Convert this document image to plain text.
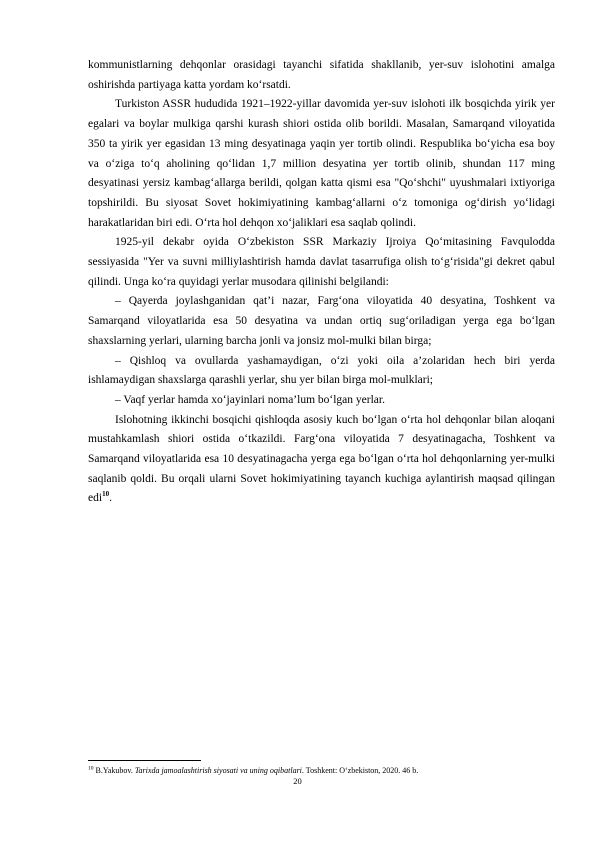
kommunistlarning dehqonlar orasidagi tayanchi sifatida shakllanib, yer-suv islohotini amalga oshirishda partiyaga katta yordam ko‘rsatdi.

Turkiston ASSR hududida 1921–1922-yillar davomida yer-suv islohoti ilk bosqichda yirik yer egalari va boylar mulkiga qarshi kurash shiori ostida olib borildi. Masalan, Samarqand viloyatida 350 ta yirik yer egasidan 13 ming desyatinaga yaqin yer tortib olindi. Respublika bo‘yicha esa boy va o‘ziga to‘q aholining qo‘lidan 1,7 million desyatina yer tortib olinib, shundan 117 ming desyatinasi yersiz kambag‘allarga berildi, qolgan katta qismi esa "Qo‘shchi" uyushmalari ixtiyoriga topshirildi. Bu siyosat Sovet hokimiyatining kambag‘allarni o‘z tomoniga og‘dirish yo‘lidagi harakatlaridan biri edi. O‘rta hol dehqon xo‘jaliklari esa saqlab qolindi.

1925-yil dekabr oyida O‘zbekiston SSR Markaziy Ijroiya Qo‘mitasining Favqulodda sessiyasida "Yer va suvni milliylashtirish hamda davlat tasarrufiga olish to‘g‘risida"gi dekret qabul qilindi. Unga ko‘ra quyidagi yerlar musodara qilinishi belgilandi:

– Qayerda joylashganidan qat’i nazar, Farg‘ona viloyatida 40 desyatina, Toshkent va Samarqand viloyatlarida esa 50 desyatina va undan ortiq sug‘oriladigan yerga ega bo‘lgan shaxslarning yerlari, ularning barcha jonli va jonsiz mol-mulki bilan birga;

– Qishloq va ovullarda yashamaydigan, o‘zi yoki oila a’zolaridan hech biri yerda ishlamaydigan shaxslarga qarashli yerlar, shu yer bilan birga mol-mulklari;

– Vaqf yerlar hamda xo‘jayinlari noma’lum bo‘lgan yerlar.

Islohotning ikkinchi bosqichi qishloqda asosiy kuch bo‘lgan o‘rta hol dehqonlar bilan aloqani mustahkamlash shiori ostida o‘tkazildi. Farg‘ona viloyatida 7 desyatinagacha, Toshkent va Samarqand viloyatlarida esa 10 desyatinagacha yerga ega bo‘lgan o‘rta hol dehqonlarning yer-mulki saqlanib qoldi. Bu orqali ularni Sovet hokimiyatining tayanch kuchiga aylantirish maqsad qilingan edi$^{10}$.

$^{10}$ B.Yakubov. Tarixda jamoalashtirish siyosati va uning oqibatlari. Toshkent: O‘zbekiston, 2020. 46 b.
20
